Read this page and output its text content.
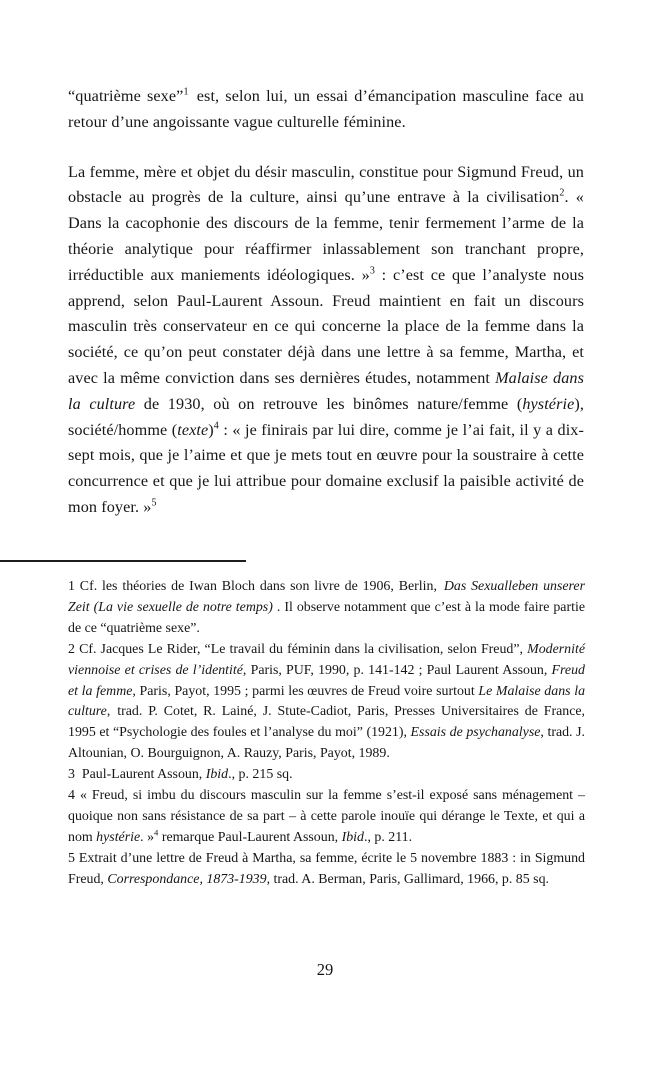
“quatrième sexe”$^1$ est, selon lui, un essai d’émancipation masculine face au retour d’une angoissante vague culturelle féminine.

La femme, mère et objet du désir masculin, constitue pour Sigmund Freud, un obstacle au progrès de la culture, ainsi qu’une entrave à la civilisation$^2$. « Dans la cacophonie des discours de la femme, tenir fermement l’arme de la théorie analytique pour réaffirmer inlassablement son tranchant propre, irréductible aux maniements idéologiques. »$^3$ : c’est ce que l’analyste nous apprend, selon Paul-Laurent Assoun. Freud maintient en fait un discours masculin très conservateur en ce qui concerne la place de la femme dans la société, ce qu’on peut constater déjà dans une lettre à sa femme, Martha, et avec la même conviction dans ses dernières études, notamment Malaise dans la culture de 1930, où on retrouve les binômes nature/femme (hystérie), société/homme (texte)$^4$ : « je finirais par lui dire, comme je l’ai fait, il y a dix-sept mois, que je l’aime et que je mets tout en œuvre pour la soustraire à cette concurrence et que je lui attribue pour domaine exclusif la paisible activité de mon foyer. »$^5$

1 Cf. les théories de Iwan Bloch dans son livre de 1906, Berlin, Das Sexualleben unserer Zeit (La vie sexuelle de notre temps) . Il observe notamment que c’est à la mode faire partie de ce “quatrième sexe”.
2 Cf. Jacques Le Rider, “Le travail du féminin dans la civilisation, selon Freud”, Modernité viennoise et crises de l’identité, Paris, PUF, 1990, p. 141-142 ; Paul Laurent Assoun, Freud et la femme, Paris, Payot, 1995 ; parmi les œuvres de Freud voire surtout Le Malaise dans la culture, trad. P. Cotet, R. Lainé, J. Stute-Cadiot, Paris, Presses Universitaires de France, 1995 et “Psychologie des foules et l’analyse du moi” (1921), Essais de psychanalyse, trad. J. Altounian, O. Bourguignon, A. Rauzy, Paris, Payot, 1989.
3 Paul-Laurent Assoun, Ibid., p. 215 sq.
4 « Freud, si imbu du discours masculin sur la femme s’est-il exposé sans ménagement – quoique non sans résistance de sa part – à cette parole inouïe qui dérange le Texte, et qui a nom hystérie. »$^4$ remarque Paul-Laurent Assoun, Ibid., p. 211.
5 Extrait d’une lettre de Freud à Martha, sa femme, écrite le 5 novembre 1883 : in Sigmund Freud, Correspondance, 1873-1939, trad. A. Berman, Paris, Gallimard, 1966, p. 85 sq.
29
